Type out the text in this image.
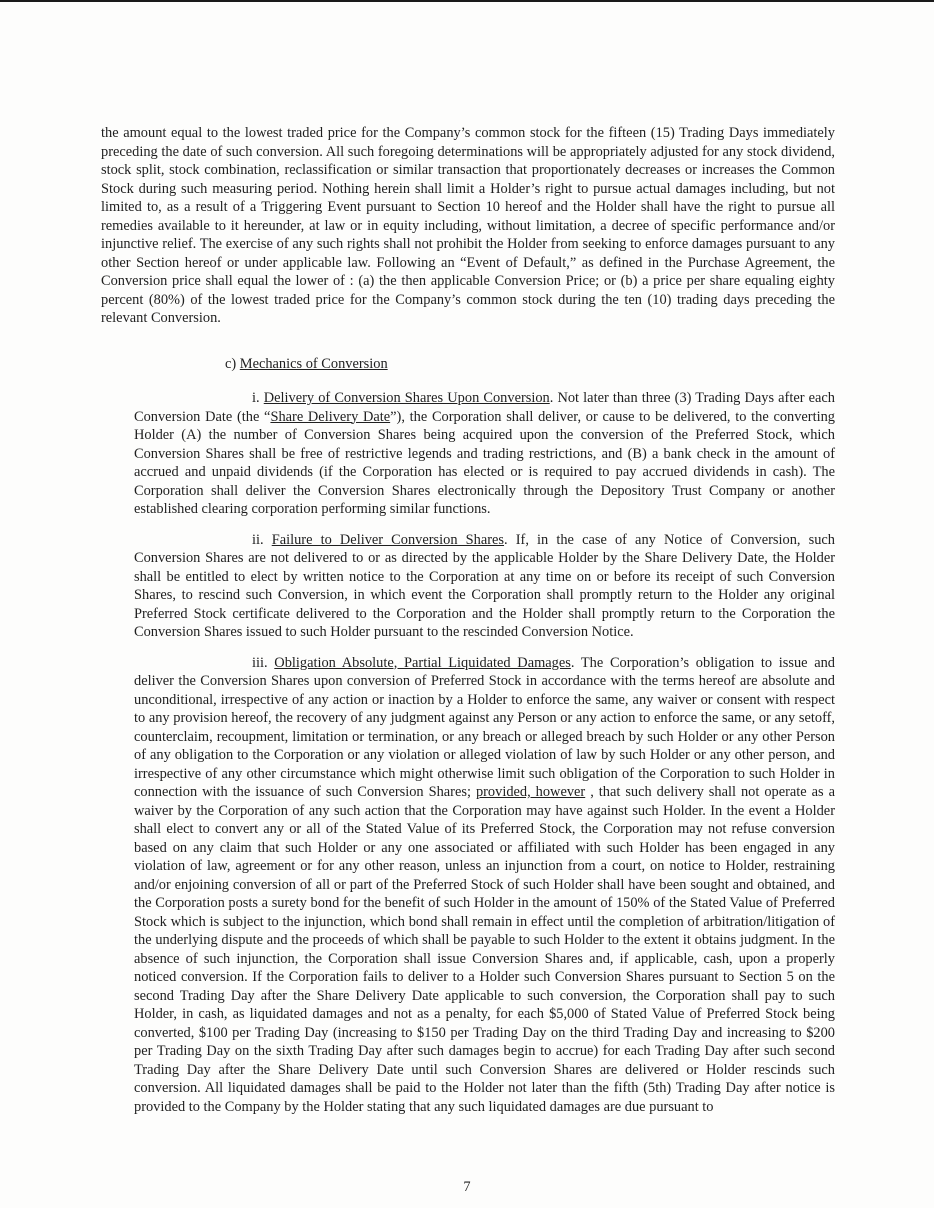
the amount equal to the lowest traded price for the Company’s common stock for the fifteen (15) Trading Days immediately preceding the date of such conversion. All such foregoing determinations will be appropriately adjusted for any stock dividend, stock split, stock combination, reclassification or similar transaction that proportionately decreases or increases the Common Stock during such measuring period. Nothing herein shall limit a Holder’s right to pursue actual damages including, but not limited to, as a result of a Triggering Event pursuant to Section 10 hereof and the Holder shall have the right to pursue all remedies available to it hereunder, at law or in equity including, without limitation, a decree of specific performance and/or injunctive relief. The exercise of any such rights shall not prohibit the Holder from seeking to enforce damages pursuant to any other Section hereof or under applicable law. Following an “Event of Default,” as defined in the Purchase Agreement, the Conversion price shall equal the lower of : (a) the then applicable Conversion Price; or (b) a price per share equaling eighty percent (80%) of the lowest traded price for the Company’s common stock during the ten (10) trading days preceding the relevant Conversion.

c) Mechanics of Conversion

i. Delivery of Conversion Shares Upon Conversion. Not later than three (3) Trading Days after each Conversion Date (the “Share Delivery Date”), the Corporation shall deliver, or cause to be delivered, to the converting Holder (A) the number of Conversion Shares being acquired upon the conversion of the Preferred Stock, which Conversion Shares shall be free of restrictive legends and trading restrictions, and (B) a bank check in the amount of accrued and unpaid dividends (if the Corporation has elected or is required to pay accrued dividends in cash). The Corporation shall deliver the Conversion Shares electronically through the Depository Trust Company or another established clearing corporation performing similar functions.

ii. Failure to Deliver Conversion Shares. If, in the case of any Notice of Conversion, such Conversion Shares are not delivered to or as directed by the applicable Holder by the Share Delivery Date, the Holder shall be entitled to elect by written notice to the Corporation at any time on or before its receipt of such Conversion Shares, to rescind such Conversion, in which event the Corporation shall promptly return to the Holder any original Preferred Stock certificate delivered to the Corporation and the Holder shall promptly return to the Corporation the Conversion Shares issued to such Holder pursuant to the rescinded Conversion Notice.

iii. Obligation Absolute, Partial Liquidated Damages. The Corporation’s obligation to issue and deliver the Conversion Shares upon conversion of Preferred Stock in accordance with the terms hereof are absolute and unconditional, irrespective of any action or inaction by a Holder to enforce the same, any waiver or consent with respect to any provision hereof, the recovery of any judgment against any Person or any action to enforce the same, or any setoff, counterclaim, recoupment, limitation or termination, or any breach or alleged breach by such Holder or any other Person of any obligation to the Corporation or any violation or alleged violation of law by such Holder or any other person, and irrespective of any other circumstance which might otherwise limit such obligation of the Corporation to such Holder in connection with the issuance of such Conversion Shares; provided, however , that such delivery shall not operate as a waiver by the Corporation of any such action that the Corporation may have against such Holder. In the event a Holder shall elect to convert any or all of the Stated Value of its Preferred Stock, the Corporation may not refuse conversion based on any claim that such Holder or any one associated or affiliated with such Holder has been engaged in any violation of law, agreement or for any other reason, unless an injunction from a court, on notice to Holder, restraining and/or enjoining conversion of all or part of the Preferred Stock of such Holder shall have been sought and obtained, and the Corporation posts a surety bond for the benefit of such Holder in the amount of 150% of the Stated Value of Preferred Stock which is subject to the injunction, which bond shall remain in effect until the completion of arbitration/litigation of the underlying dispute and the proceeds of which shall be payable to such Holder to the extent it obtains judgment. In the absence of such injunction, the Corporation shall issue Conversion Shares and, if applicable, cash, upon a properly noticed conversion. If the Corporation fails to deliver to a Holder such Conversion Shares pursuant to Section 5 on the second Trading Day after the Share Delivery Date applicable to such conversion, the Corporation shall pay to such Holder, in cash, as liquidated damages and not as a penalty, for each $5,000 of Stated Value of Preferred Stock being converted, $100 per Trading Day (increasing to $150 per Trading Day on the third Trading Day and increasing to $200 per Trading Day on the sixth Trading Day after such damages begin to accrue) for each Trading Day after such second Trading Day after the Share Delivery Date until such Conversion Shares are delivered or Holder rescinds such conversion. All liquidated damages shall be paid to the Holder not later than the fifth (5th) Trading Day after notice is provided to the Company by the Holder stating that any such liquidated damages are due pursuant to

7
